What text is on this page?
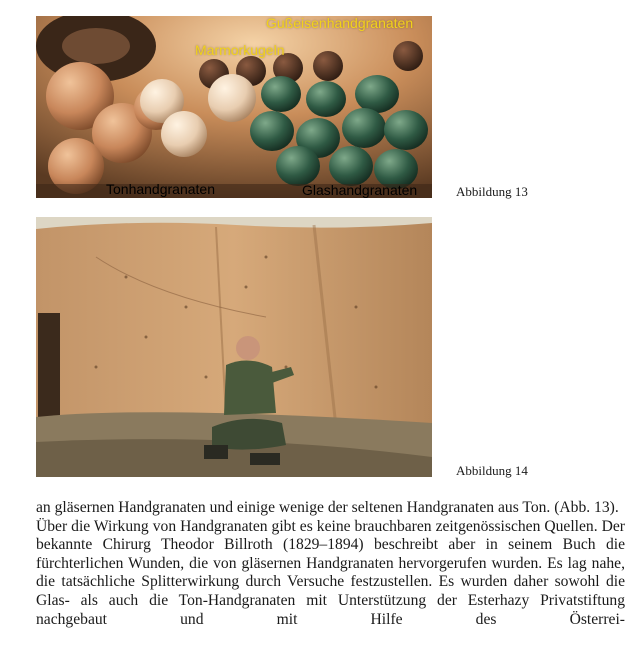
Gußeisenhandgranaten
Marmorkugeln
Tonhandgranaten	Glashandgranaten	Abbildung 13
Abbildung 14

an gläsernen Handgranaten und einige wenige der seltenen Handgranaten aus Ton. (Abb. 13).

Über die Wirkung von Handgranaten gibt es keine brauchbaren zeitgenössischen Quellen. Der bekannte Chirurg Theodor Billroth (1829–1894) beschreibt aber in seinem Buch die fürchterlichen Wunden, die von gläsernen Handgranaten hervorgerufen wurden. Es lag nahe, die tatsächliche Splitterwirkung durch Versuche festzustellen. Es wurden daher sowohl die Glas- als auch die Ton-Handgranaten mit Unterstützung der Esterhazy Privatstiftung nachgebaut und mit Hilfe des Österrei-
